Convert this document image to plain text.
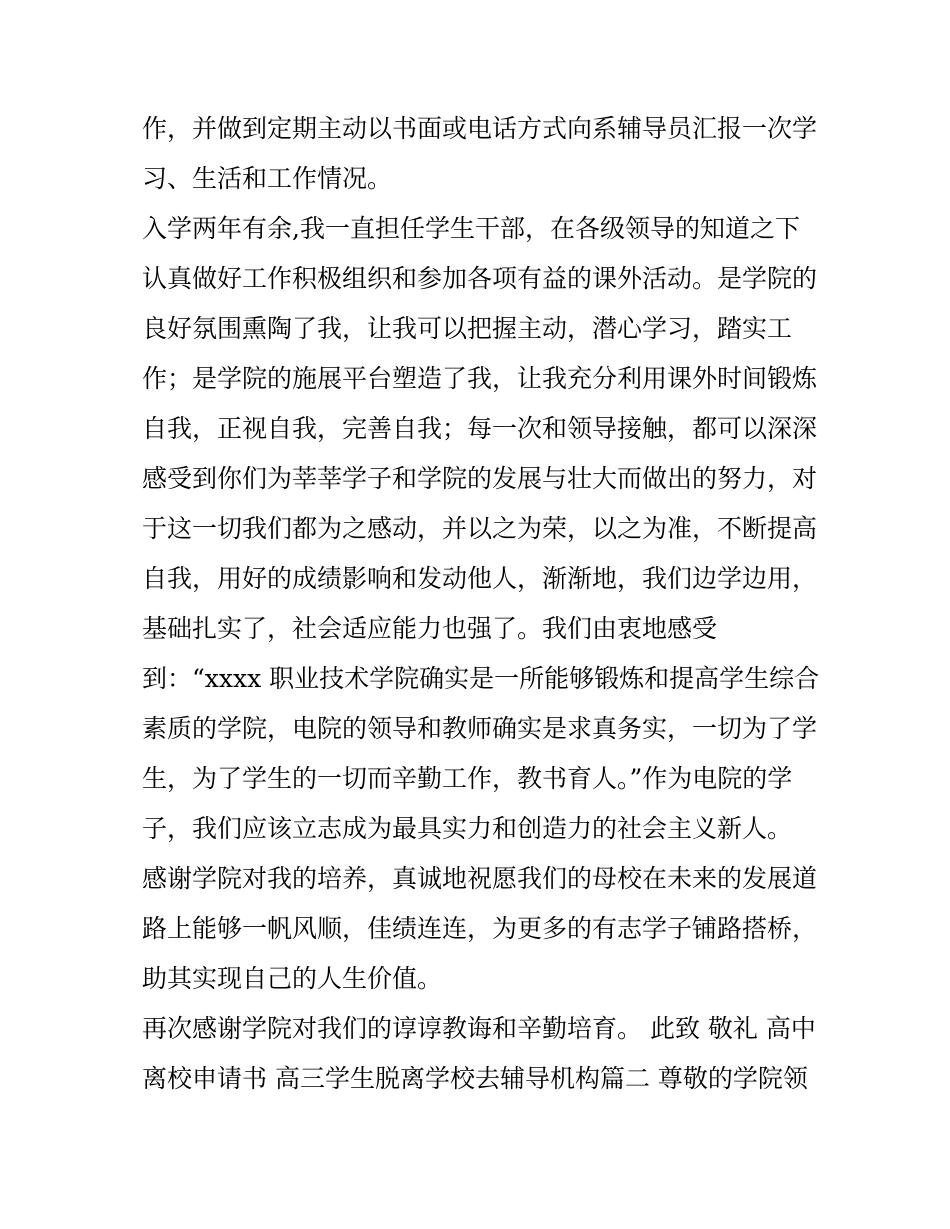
作，并做到定期主动以书面或电话方式向系辅导员汇报一次学
习、生活和工作情况。
入学两年有余,我一直担任学生干部，在各级领导的知道之下
认真做好工作积极组织和参加各项有益的课外活动。是学院的
良好氛围熏陶了我，让我可以把握主动，潜心学习，踏实工
作；是学院的施展平台塑造了我，让我充分利用课外时间锻炼
自我，正视自我，完善自我；每一次和领导接触，都可以深深
感受到你们为莘莘学子和学院的发展与壮大而做出的努力，对
于这一切我们都为之感动，并以之为荣，以之为准，不断提高
自我，用好的成绩影响和发动他人，渐渐地，我们边学边用，
基础扎实了，社会适应能力也强了。我们由衷地感受
到：“xxxx 职业技术学院确实是一所能够锻炼和提高学生综合
素质的学院，电院的领导和教师确实是求真务实，一切为了学
生，为了学生的一切而辛勤工作，教书育人。”作为电院的学
子，我们应该立志成为最具实力和创造力的社会主义新人。
感谢学院对我的培养，真诚地祝愿我们的母校在未来的发展道
路上能够一帆风顺，佳绩连连，为更多的有志学子铺路搭桥，
助其实现自己的人生价值。
再次感谢学院对我们的谆谆教诲和辛勤培育。 此致 敬礼 高中
离校申请书 高三学生脱离学校去辅导机构篇二 尊敬的学院领
